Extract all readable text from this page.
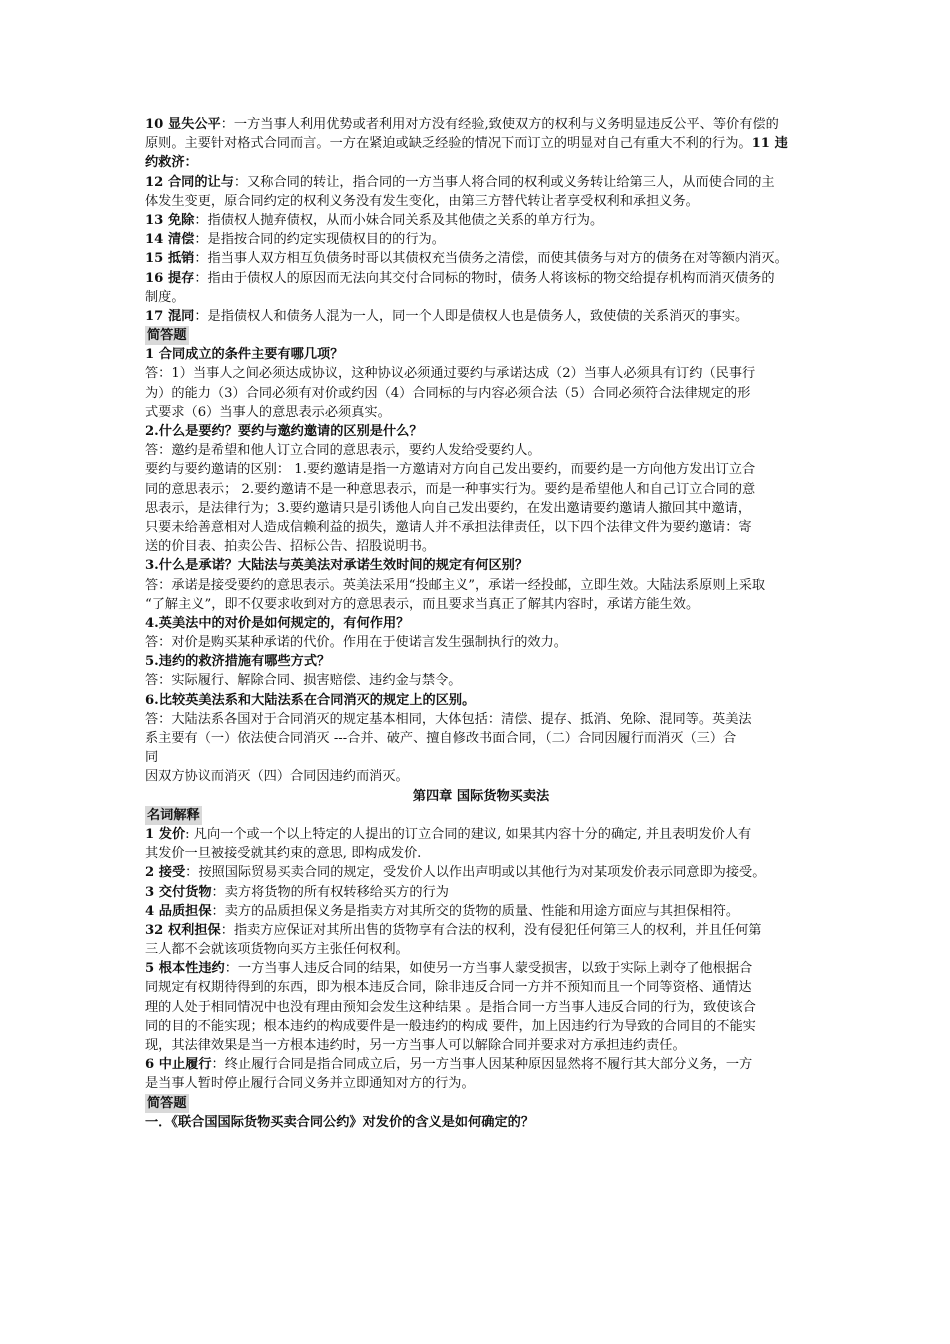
10 显失公平：一方当事人利用优势或者利用对方没有经验,致使双方的权利与义务明显违反公平、等价有偿的
原则。主要针对格式合同而言。一方在紧迫或缺乏经验的情况下而订立的明显对自己有重大不利的行为。11 违
约救济：
12 合同的让与：又称合同的转让，指合同的一方当事人将合同的权利或义务转让给第三人，从而使合同的主
体发生变更，原合同约定的权利义务没有发生变化，由第三方替代转让者享受权利和承担义务。
13 免除：指债权人抛弃债权，从而小妹合同关系及其他债之关系的单方行为。
14 清偿：是指按合同的约定实现债权目的的行为。
15 抵销：指当事人双方相互负债务时哥以其债权充当债务之清偿，而使其债务与对方的债务在对等额内消灭。
16 提存：指由于债权人的原因而无法向其交付合同标的物时，债务人将该标的物交给提存机构而消灭债务的
制度。
17 混同：是指债权人和债务人混为一人，同一个人即是债权人也是债务人，致使债的关系消灭的事实。
简答题
1 合同成立的条件主要有哪几项？
答：1）当事人之间必须达成协议，这种协议必须通过要约与承诺达成（2）当事人必须具有订约（民事行
为）的能力（3）合同必须有对价或约因（4）合同标的与内容必须合法（5）合同必须符合法律规定的形
式要求（6）当事人的意思表示必须真实。
2.什么是要约？要约与邀约邀请的区别是什么？
答：邀约是希望和他人订立合同的意思表示，要约人发给受要约人。
要约与要约邀请的区别： 1.要约邀请是指一方邀请对方向自己发出要约，而要约是一方向他方发出订立合
同的意思表示； 2.要约邀请不是一种意思表示，而是一种事实行为。要约是希望他人和自己订立合同的意
思表示，是法律行为；3.要约邀请只是引诱他人向自己发出要约，在发出邀请要约邀请人撤回其中邀请，
只要未给善意相对人造成信赖利益的损失，邀请人并不承担法律责任，以下四个法律文件为要约邀请：寄
送的价目表、拍卖公告、招标公告、招股说明书。
3.什么是承诺？大陆法与英美法对承诺生效时间的规定有何区别？
答：承诺是接受要约的意思表示。英美法采用“投邮主义”，承诺一经投邮，立即生效。大陆法系原则上采取
“了解主义”，即不仅要求收到对方的意思表示，而且要求当真正了解其内容时，承诺方能生效。
4.英美法中的对价是如何规定的，有何作用？
答：对价是购买某种承诺的代价。作用在于使诺言发生强制执行的效力。
5.违约的救济措施有哪些方式？
答：实际履行、解除合同、损害赔偿、违约金与禁令。
6.比较英美法系和大陆法系在合同消灭的规定上的区别。
答：大陆法系各国对于合同消灭的规定基本相同，大体包括：清偿、提存、抵消、免除、混同等。英美法
系主要有（一）依法使合同消灭 ---合并、破产、擅自修改书面合同，（二）合同因履行而消灭（三）合
同
因双方协议而消灭（四）合同因违约而消灭。
第四章 国际货物买卖法
名词解释
1 发价: 凡向一个或一个以上特定的人提出的订立合同的建议, 如果其内容十分的确定, 并且表明发价人有
其发价一旦被接受就其约束的意思, 即构成发价.
2 接受：按照国际贸易买卖合同的规定，受发价人以作出声明或以其他行为对某项发价表示同意即为接受。
3 交付货物：卖方将货物的所有权转移给买方的行为
4 品质担保：卖方的品质担保义务是指卖方对其所交的货物的质量、性能和用途方面应与其担保相符。
32 权利担保：指卖方应保证对其所出售的货物享有合法的权利，没有侵犯任何第三人的权利，并且任何第
三人都不会就该项货物向买方主张任何权利。
5 根本性违约：一方当事人违反合同的结果，如使另一方当事人蒙受损害，以致于实际上剥夺了他根据合
同规定有权期待得到的东西，即为根本违反合同，除非违反合同一方并不预知而且一个同等资格、通情达
理的人处于相同情况中也没有理由预知会发生这种结果 。是指合同一方当事人违反合同的行为，致使该合
同的目的不能实现；根本违约的构成要件是一般违约的构成 要件，加上因违约行为导致的合同目的不能实
现，其法律效果是当一方根本违约时，另一方当事人可以解除合同并要求对方承担违约责任。
6 中止履行：终止履行合同是指合同成立后，另一方当事人因某种原因显然将不履行其大部分义务，一方
是当事人暂时停止履行合同义务并立即通知对方的行为。
简答题
一．《联合国国际货物买卖合同公约》对发价的含义是如何确定的？
